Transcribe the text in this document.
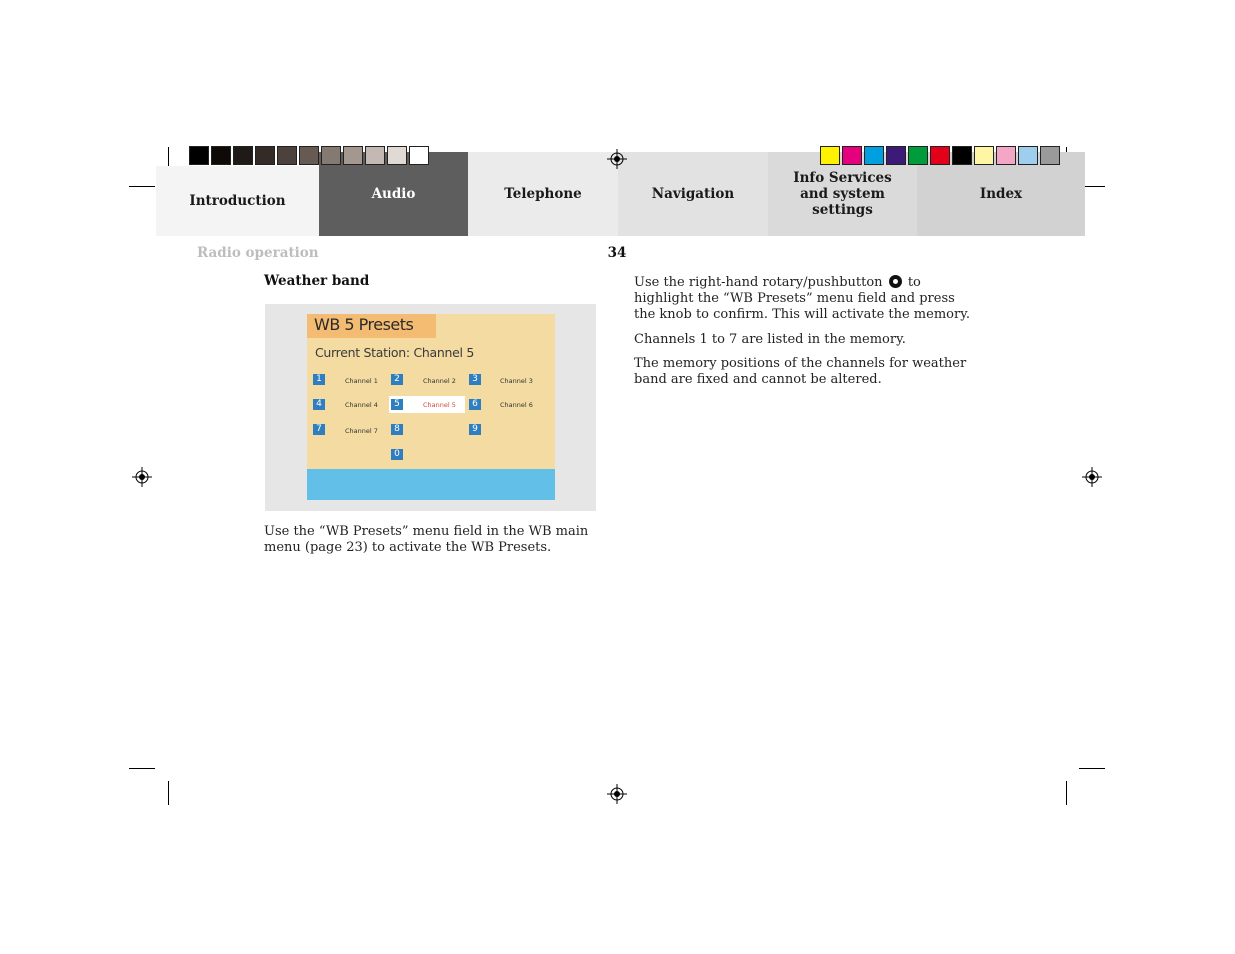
Introduction	Audio	Telephone	Navigation
Info Services and system settings
Index
Radio operation	34
Weather band
WB 5 Presets
Current Station: Channel 5
1	Channel 1	2	Channel 2	3	Channel 3
4	Channel 4	5	Channel 5	6	Channel 6
7	Channel 7	8	9
0
Use the “WB Presets” menu field in the WB main menu (page 23) to activate the WB Presets.
Use the right-hand rotary/pushbutton to highlight the “WB Presets” menu field and press the knob to confirm. This will activate the memory.
Channels 1 to 7 are listed in the memory.
The memory positions of the channels for weather band are fixed and cannot be altered.
